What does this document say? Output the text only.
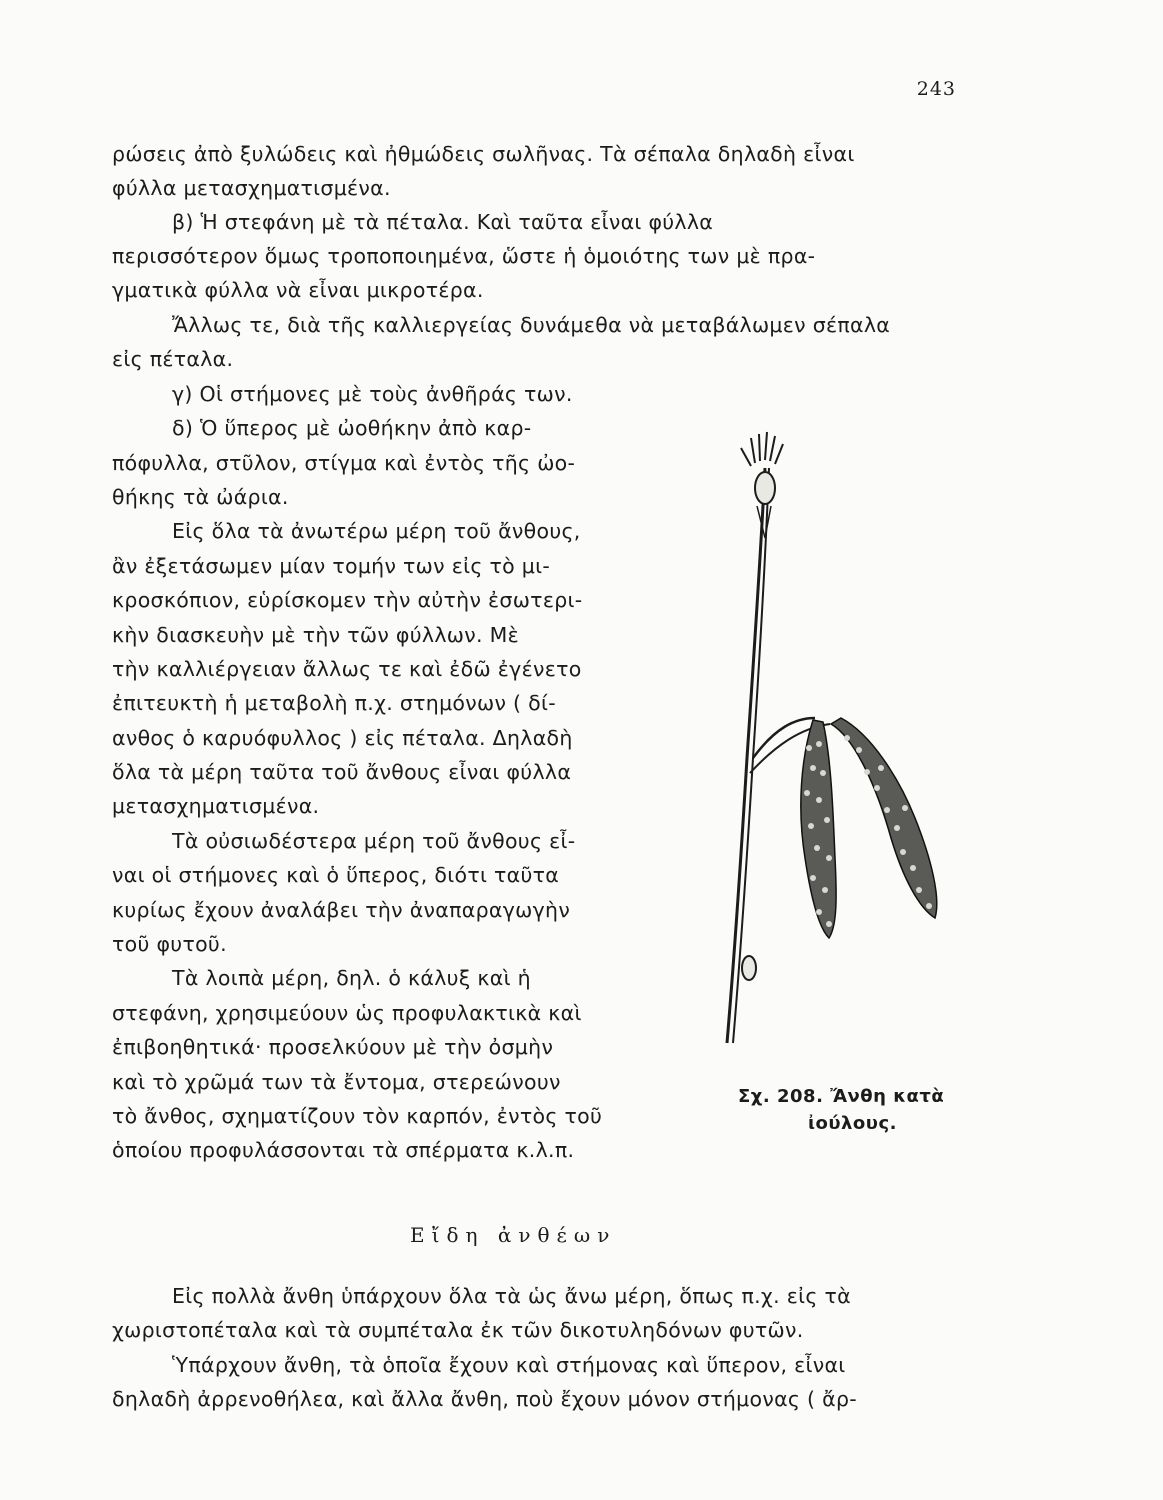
243
ρώσεις ἀπὸ ξυλώδεις καὶ ἠθμώδεις σωλῆνας. Τὰ σέπαλα δηλαδὴ εἶναι
φύλλα μετασχηματισμένα.
β) Ἡ στεφάνη μὲ τὰ πέταλα. Καὶ ταῦτα εἶναι φύλλα
περισσότερον ὅμως τροποποιημένα, ὥστε ἡ ὁμοιότης των μὲ πρα-
γματικὰ φύλλα νὰ εἶναι μικροτέρα.
Ἄλλως τε, διὰ τῆς καλλιεργείας δυνάμεθα νὰ μεταβάλωμεν σέπαλα
εἰς πέταλα.
γ) Οἱ στήμονες μὲ τοὺς ἀνθῆράς των.
δ) Ὁ ὕπερος μὲ ὠοθήκην ἀπὸ καρ-
πόφυλλα, στῦλον, στίγμα καὶ ἐντὸς τῆς ὠο-
θήκης τὰ ὠάρια.
Εἰς ὅλα τὰ ἀνωτέρω μέρη τοῦ ἄνθους,
ἂν ἐξετάσωμεν μίαν τομήν των εἰς τὸ μι-
κροσκόπιον, εὑρίσκομεν τὴν αὐτὴν ἐσωτερι-
κὴν διασκευὴν μὲ τὴν τῶν φύλλων. Μὲ
τὴν καλλιέργειαν ἄλλως τε καὶ ἐδῶ ἐγένετο
ἐπιτευκτὴ ἡ μεταβολὴ π.χ. στημόνων ( δί-
ανθος ὁ καρυόφυλλος ) εἰς πέταλα. Δηλαδὴ
ὅλα τὰ μέρη ταῦτα τοῦ ἄνθους εἶναι φύλλα
μετασχηματισμένα.
Τὰ οὐσιωδέστερα μέρη τοῦ ἄνθους εἶ-
ναι οἱ στήμονες καὶ ὁ ὕπερος, διότι ταῦτα
κυρίως ἔχουν ἀναλάβει τὴν ἀναπαραγωγὴν
τοῦ φυτοῦ.
Τὰ λοιπὰ μέρη, δηλ. ὁ κάλυξ καὶ ἡ
στεφάνη, χρησιμεύουν ὡς προφυλακτικὰ καὶ
ἐπιβοηθητικά· προσελκύουν μὲ τὴν ὀσμὴν
καὶ τὸ χρῶμά των τὰ ἔντομα, στερεώνουν
τὸ ἄνθος, σχηματίζουν τὸν καρπόν, ἐντὸς τοῦ
ὁποίου προφυλάσσονται τὰ σπέρματα κ.λ.π.
Εἴδη ἀνθέων
Εἰς πολλὰ ἄνθη ὑπάρχουν ὅλα τὰ ὡς ἄνω μέρη, ὅπως π.χ. εἰς τὰ
χωριστοπέταλα καὶ τὰ συμπέταλα ἐκ τῶν δικοτυληδόνων φυτῶν.
Ὑπάρχουν ἄνθη, τὰ ὁποῖα ἔχουν καὶ στήμονας καὶ ὕπερον, εἶναι
δηλαδὴ ἀρρενοθήλεα, καὶ ἄλλα ἄνθη, ποὺ ἔχουν μόνον στήμονας ( ἄρ-
Σχ. 208. Ἄνθη κατὰ
ἰούλους.
